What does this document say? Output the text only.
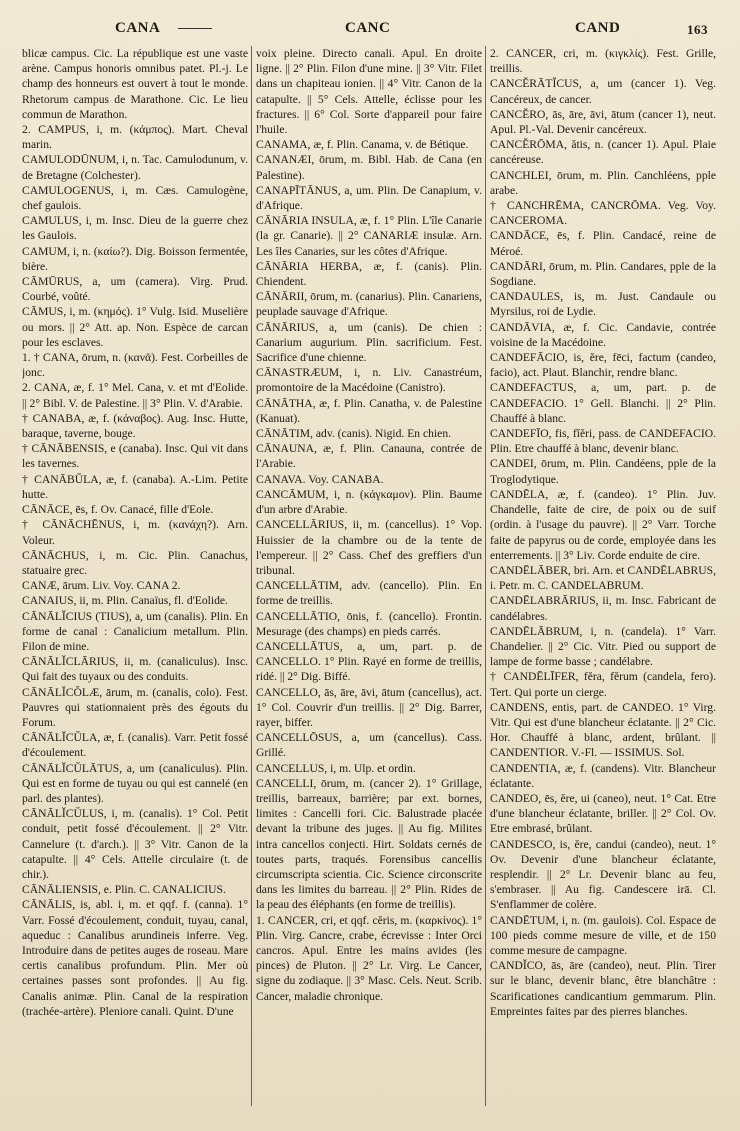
CANA	CANC	CAND	163
blicæ campus. Cic. La république est une vaste arène. Campus honoris omnibus patet. Pl.-j. Le champ des honneurs est ouvert à tout le monde. Rhetorum campus de Marathone. Cic. Le lieu commun de Marathon.
2. CAMPUS, i, m. (κάμπος). Mart. Cheval marin.
CAMULODŪNUM, i, n. Tac. Camulodunum, v. de Bretagne (Colchester).
CAMULOGENUS, i, m. Cæs. Camulogène, chef gaulois.
CAMULUS, i, m. Insc. Dieu de la guerre chez les Gaulois.
CAMUM, i, n. (καίω?). Dig. Boisson fermentée, bière.
CĀMŪRUS, a, um (camera). Virg. Prud. Courbé, voûté.
CĀMUS, i, m. (κημός). 1° Vulg. Isid. Muselière ou mors. || 2° Att. ap. Non. Espèce de carcan pour les esclaves.
1. † CANA, ōrum, n. (κανᾶ). Fest. Corbeilles de jonc.
2. CANA, æ, f. 1° Mel. Cana, v. et mt d'Eolide. || 2° Bibl. V. de Palestine. || 3° Plin. V. d'Arabie.
† CANABA, æ, f. (κάναβος). Aug. Insc. Hutte, baraque, taverne, bouge.
† CĀNĀBENSIS, e (canaba). Insc. Qui vit dans les tavernes.
† CANĀBŬLA, æ, f. (canaba). A.-Lim. Petite hutte.
CĀNĀCE, ēs, f. Ov. Canacé, fille d'Eole.
† CĀNĀCHĒNUS, i, m. (κανάχη?). Arn. Voleur.
CĀNĀCHUS, i, m. Cic. Plin. Canachus, statuaire grec.
CANÆ, ārum. Liv. Voy. CANA 2.
CANAIUS, ii, m. Plin. Canaïus, fl. d'Eolide.
CĀNĀLĬCIUS (TIUS), a, um (canalis). Plin. En forme de canal : Canalicium metallum. Plin. Filon de mine.
CĀNĀLĬCLĀRIUS, ii, m. (canaliculus). Insc. Qui fait des tuyaux ou des conduits.
CĀNĀLĬCŎLÆ, ārum, m. (canalis, colo). Fest. Pauvres qui stationnaient près des égouts du Forum.
CĀNĀLĬCŬLA, æ, f. (canalis). Varr. Petit fossé d'écoulement.
CĀNĀLĬCŬLĀTUS, a, um (canaliculus). Plin. Qui est en forme de tuyau ou qui est cannelé (en parl. des plantes).
CĀNĀLĬCŬLUS, i, m. (canalis). 1° Col. Petit conduit, petit fossé d'écoulement. || 2° Vitr. Cannelure (t. d'arch.). || 3° Vitr. Canon de la catapulte. || 4° Cels. Attelle circulaire (t. de chir.).
CĀNĀLIENSIS, e. Plin. C. CANALICIUS.
CĀNĀLIS, is, abl. i, m. et qqf. f. (canna). 1° Varr. Fossé d'écoulement, conduit, tuyau, canal, aqueduc : Canalibus arundineis inferre. Veg. Introduire dans de petites auges de roseau. Mare certis canalibus profundum. Plin. Mer où certaines passes sont profondes. || Au fig. Canalis animæ. Plin. Canal de la respiration (trachée-artère). Pleniore canali. Quint. D'une
voix pleine. Directo canali. Apul. En droite ligne. || 2° Plin. Filon d'une mine. || 3° Vitr. Filet dans un chapiteau ionien. || 4° Vitr. Canon de la catapulte. || 5° Cels. Attelle, éclisse pour les fractures. || 6° Col. Sorte d'appareil pour faire l'huile.
CANAMA, æ, f. Plin. Canama, v. de Bétique.
CANANÆI, ōrum, m. Bibl. Hab. de Cana (en Palestine).
CANAPĪTĀNUS, a, um. Plin. De Canapium, v. d'Afrique.
CĀNĀRIA INSULA, æ, f. 1° Plin. L'île Canarie (la gr. Canarie). || 2° CANARIÆ insulæ. Arn. Les îles Canaries, sur les côtes d'Afrique.
CĀNĀRIA HERBA, æ, f. (canis). Plin. Chiendent.
CĀNĀRII, ōrum, m. (canarius). Plin. Canariens, peuplade sauvage d'Afrique.
CĀNĀRIUS, a, um (canis). De chien : Canarium augurium. Plin. sacrificium. Fest. Sacrifice d'une chienne.
CĀNASTRÆUM, i, n. Liv. Canastréum, promontoire de la Macédoine (Canistro).
CĀNĀTHA, æ, f. Plin. Canatha, v. de Palestine (Kanuat).
CĀNĀTIM, adv. (canis). Nigid. En chien.
CĀNAUNA, æ, f. Plin. Canauna, contrée de l'Arabie.
CANAVA. Voy. CANABA.
CANCĀMUM, i, n. (κάγκαμον). Plin. Baume d'un arbre d'Arabie.
CANCELLĀRIUS, ii, m. (cancellus). 1° Vop. Huissier de la chambre ou de la tente de l'empereur. || 2° Cass. Chef des greffiers d'un tribunal.
CANCELLĀTIM, adv. (cancello). Plin. En forme de treillis.
CANCELLĀTIO, ōnis, f. (cancello). Frontin. Mesurage (des champs) en pieds carrés.
CANCELLĀTUS, a, um, part. p. de CANCELLO. 1° Plin. Rayé en forme de treillis, ridé. || 2° Dig. Biffé.
CANCELLO, ās, āre, āvi, ātum (cancellus), act. 1° Col. Couvrir d'un treillis. || 2° Dig. Barrer, rayer, biffer.
CANCELLŌSUS, a, um (cancellus). Cass. Grillé.
CANCELLUS, i, m. Ulp. et ordin.
CANCELLI, ōrum, m. (cancer 2). 1° Grillage, treillis, barreaux, barrière; par ext. bornes, limites : Cancelli fori. Cic. Balustrade placée devant la tribune des juges. || Au fig. Milites intra cancellos conjecti. Hirt. Soldats cernés de toutes parts, traqués. Forensibus cancellis circumscripta scientia. Cic. Science circonscrite dans les limites du barreau. || 2° Plin. Rides de la peau des éléphants (en forme de treillis).
1. CANCER, cri, et qqf. cĕris, m. (καρκίνος). 1° Plin. Virg. Cancre, crabe, écrevisse : Inter Orci cancros. Apul. Entre les mains avides (les pinces) de Pluton. || 2° Lr. Virg. Le Cancer, signe du zodiaque. || 3° Masc. Cels. Neut. Scrib. Cancer, maladie chronique.
2. CANCER, cri, m. (κιγκλίς). Fest. Grille, treillis.
CANCĔRĀTĬCUS, a, um (cancer 1). Veg. Cancéreux, de cancer.
CANCĔRO, ās, āre, āvi, ātum (cancer 1), neut. Apul. Pl.-Val. Devenir cancéreux.
CANCĔRŌMA, ătis, n. (cancer 1). Apul. Plaie cancéreuse.
CANCHLEI, ōrum, m. Plin. Canchléens, pple arabe.
† CANCHRĒMA, CANCRŌMA. Veg. Voy. CANCEROMA.
CANDĀCE, ēs, f. Plin. Candacé, reine de Méroé.
CANDĀRI, ōrum, m. Plin. Candares, pple de la Sogdiane.
CANDAULES, is, m. Just. Candaule ou Myrsilus, roi de Lydie.
CANDĀVIA, æ, f. Cic. Candavie, contrée voisine de la Macédoine.
CANDEFĀCIO, is, ĕre, fēci, factum (candeo, facio), act. Plaut. Blanchir, rendre blanc.
CANDEFACTUS, a, um, part. p. de CANDEFACIO. 1° Gell. Blanchi. || 2° Plin. Chauffé à blanc.
CANDEFĪO, fis, fĭĕri, pass. de CANDEFACIO. Plin. Etre chauffé à blanc, devenir blanc.
CANDEI, ōrum, m. Plin. Candéens, pple de la Troglodytique.
CANDĒLA, æ, f. (candeo). 1° Plin. Juv. Chandelle, faite de cire, de poix ou de suif (ordin. à l'usage du pauvre). || 2° Varr. Torche faite de papyrus ou de corde, employée dans les enterrements. || 3° Liv. Corde enduite de cire.
CANDĒLĀBER, bri. Arn. et CANDĒLABRUS, i. Petr. m. C. CANDELABRUM.
CANDĒLABRĀRIUS, ii, m. Insc. Fabricant de candélabres.
CANDĒLĀBRUM, i, n. (candela). 1° Varr. Chandelier. || 2° Cic. Vitr. Pied ou support de lampe de forme basse ; candélabre.
† CANDĒLĪFER, fĕra, fĕrum (candela, fero). Tert. Qui porte un cierge.
CANDENS, entis, part. de CANDEO. 1° Virg. Vitr. Qui est d'une blancheur éclatante. || 2° Cic. Hor. Chauffé à blanc, ardent, brûlant. || CANDENTIOR. V.-Fl. — ISSIMUS. Sol.
CANDENTIA, æ, f. (candens). Vitr. Blancheur éclatante.
CANDEO, ēs, ĕre, ui (caneo), neut. 1° Cat. Etre d'une blancheur éclatante, briller. || 2° Col. Ov. Etre embrasé, brûlant.
CANDESCO, is, ĕre, candui (candeo), neut. 1° Ov. Devenir d'une blancheur éclatante, resplendir. || 2° Lr. Devenir blanc au feu, s'embraser. || Au fig. Candescere irā. Cl. S'enflammer de colère.
CANDĒTUM, i, n. (m. gaulois). Col. Espace de 100 pieds comme mesure de ville, et de 150 comme mesure de campagne.
CANDĬCO, ās, āre (candeo), neut. Plin. Tirer sur le blanc, devenir blanc, être blanchâtre : Scarificationes candicantium gemmarum. Plin. Empreintes faites par des pierres blanches.
